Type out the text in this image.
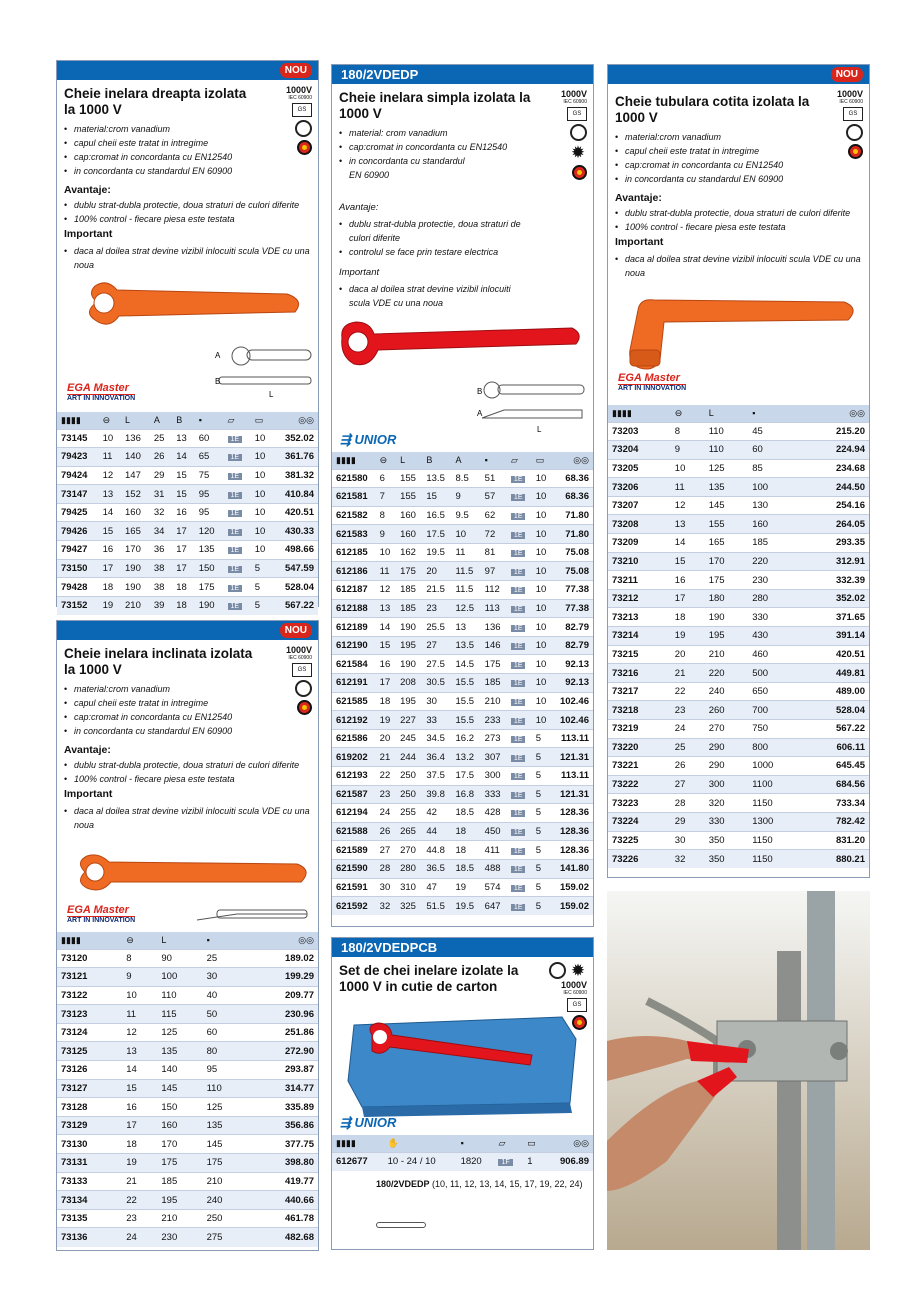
NOU
1000V
IEC 60900
GS
Cheie inelara dreapta izolata la 1000 V
• material:crom vanadium
• capul cheii este tratat in intregime
• cap:cromat in concordanta cu EN12540
• in concordanta cu standardul EN 60900
Avantaje:
• dublu strat-dubla protectie, doua straturi de culori diferite
• 100% control - fiecare piesa este testata
Important
• daca al doilea strat devine vizibil inlocuiti scula VDE cu una noua
A
B
L
EGA Master
ART IN INNOVATION
▮▮▮▮	⊖	L	A	B	▪	▱	▭	◎◎
73145	10	136	25	13	60	1E	10	352.02
79423	11	140	26	14	65	1E	10	361.76
79424	12	147	29	15	75	1E	10	381.32
73147	13	152	31	15	95	1E	10	410.84
79425	14	160	32	16	95	1E	10	420.51
79426	15	165	34	17	120	1E	10	430.33
79427	16	170	36	17	135	1E	10	498.66
73150	17	190	38	17	150	1E	5	547.59
79428	18	190	38	18	175	1E	5	528.04
73152	19	210	39	18	190	1E	5	567.22
NOU
1000V
IEC 60900
GS
Cheie inelara inclinata izolata la 1000 V
• material:crom vanadium
• capul cheii este tratat in intregime
• cap:cromat in concordanta cu EN12540
• in concordanta cu standardul EN 60900
Avantaje:
• dublu strat-dubla protectie, doua straturi de culori diferite
• 100% control - fiecare piesa este testata
Important
• daca al doilea strat devine vizibil inlocuiti scula VDE cu una noua
EGA Master
ART IN INNOVATION
▮▮▮▮	⊖	L	▪	◎◎
73120	8	90	25	189.02
73121	9	100	30	199.29
73122	10	110	40	209.77
73123	11	115	50	230.96
73124	12	125	60	251.86
73125	13	135	80	272.90
73126	14	140	95	293.87
73127	15	145	110	314.77
73128	16	150	125	335.89
73129	17	160	135	356.86
73130	18	170	145	377.75
73131	19	175	175	398.80
73133	21	185	210	419.77
73134	22	195	240	440.66
73135	23	210	250	461.78
73136	24	230	275	482.68
180/2VDEDP
1000V
IEC 60900
GS
✹
Cheie inelara simpla izolata la 1000 V
• material: crom vanadium
• cap:cromat in concordanta cu EN12540
• in concordanta cu standardul EN 60900
Avantaje:
• dublu strat-dubla protectie, doua straturi de culori diferite
• controlul se face prin testare electrica
Important
• daca al doilea strat devine vizibil inlocuiti scula VDE cu una noua
B
A
L
⇶ UNIOR
▮▮▮▮	⊖	L	B	A	▪	▱	▭	◎◎
621580	6	155	13.5	8.5	51	1E	10	68.36
621581	7	155	15	9	57	1E	10	68.36
621582	8	160	16.5	9.5	62	1E	10	71.80
621583	9	160	17.5	10	72	1E	10	71.80
612185	10	162	19.5	11	81	1E	10	75.08
612186	11	175	20	11.5	97	1E	10	75.08
612187	12	185	21.5	11.5	112	1E	10	77.38
612188	13	185	23	12.5	113	1E	10	77.38
612189	14	190	25.5	13	136	1E	10	82.79
612190	15	195	27	13.5	146	1E	10	82.79
621584	16	190	27.5	14.5	175	1E	10	92.13
612191	17	208	30.5	15.5	185	1E	10	92.13
621585	18	195	30	15.5	210	1E	10	102.46
612192	19	227	33	15.5	233	1E	10	102.46
621586	20	245	34.5	16.2	273	1E	5	113.11
619202	21	244	36.4	13.2	307	1E	5	121.31
612193	22	250	37.5	17.5	300	1E	5	113.11
621587	23	250	39.8	16.8	333	1E	5	121.31
612194	24	255	42	18.5	428	1E	5	128.36
621588	26	265	44	18	450	1E	5	128.36
621589	27	270	44.8	18	411	1E	5	128.36
621590	28	280	36.5	18.5	488	1E	5	141.80
621591	30	310	47	19	574	1E	5	159.02
621592	32	325	51.5	19.5	647	1E	5	159.02
180/2VDEDPCB
✹
1000V
IEC 60900
GS
Set de chei inelare izolate la 1000 V in cutie de carton
⇶ UNIOR
▮▮▮▮	✋	▪	▱	▭	◎◎
612677	10 - 24 / 10	1820	1F	1	906.89
180/2VDEDP (10, 11, 12, 13, 14, 15, 17, 19, 22, 24)
NOU
1000V
IEC 60900
GS
Cheie tubulara cotita izolata la 1000 V
• material:crom vanadium
• capul cheii este tratat in intregime
• cap:cromat in concordanta cu EN12540
• in concordanta cu standardul EN 60900
Avantaje:
• dublu strat-dubla protectie, doua straturi de culori diferite
• 100% control - fiecare piesa este testata
Important
• daca al doilea strat devine vizibil inlocuiti scula VDE cu una noua
EGA Master
ART IN INNOVATION
▮▮▮▮	⊖	L	▪	◎◎
73203	8	110	45	215.20
73204	9	110	60	224.94
73205	10	125	85	234.68
73206	11	135	100	244.50
73207	12	145	130	254.16
73208	13	155	160	264.05
73209	14	165	185	293.35
73210	15	170	220	312.91
73211	16	175	230	332.39
73212	17	180	280	352.02
73213	18	190	330	371.65
73214	19	195	430	391.14
73215	20	210	460	420.51
73216	21	220	500	449.81
73217	22	240	650	489.00
73218	23	260	700	528.04
73219	24	270	750	567.22
73220	25	290	800	606.11
73221	26	290	1000	645.45
73222	27	300	1100	684.56
73223	28	320	1150	733.34
73224	29	330	1300	782.42
73225	30	350	1150	831.20
73226	32	350	1150	880.21
